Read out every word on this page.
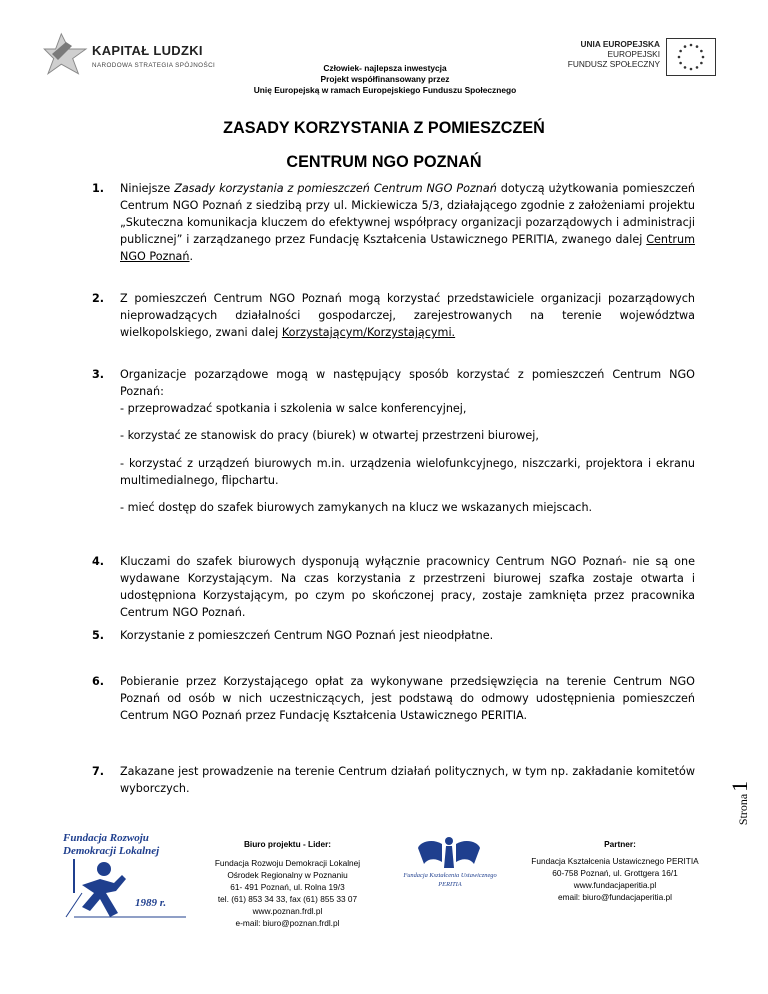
KAPITAŁ LUDZKI
NARODOWA STRATEGIA SPÓJNOŚCI	Człowiek- najlepsza inwestycja
Projekt współfinansowany przez
Unię Europejską w ramach Europejskiego Funduszu Społecznego
UNIA EUROPEJSKA
EUROPEJSKI
FUNDUSZ SPOŁECZNY
ZASADY KORZYSTANIA Z POMIESZCZEŃ
CENTRUM NGO POZNAŃ
1.	Niniejsze Zasady korzystania z pomieszczeń Centrum NGO Poznań dotyczą użytkowania pomieszczeń Centrum NGO Poznań z siedzibą przy ul. Mickiewicza 5/3, działającego zgodnie z założeniami projektu „Skuteczna komunikacja kluczem do efektywnej współpracy organizacji pozarządowych i administracji publicznej” i zarządzanego przez Fundację Kształcenia Ustawicznego PERITIA, zwanego dalej Centrum NGO Poznań.

2.	Z pomieszczeń Centrum NGO Poznań mogą korzystać przedstawiciele organizacji pozarządowych nieprowadzących działalności gospodarczej, zarejestrowanych na terenie województwa wielkopolskiego, zwani dalej Korzystającym/Korzystającymi.

3.	Organizacje pozarządowe mogą w następujący sposób korzystać z pomieszczeń Centrum NGO Poznań:
- przeprowadzać spotkania i szkolenia w salce konferencyjnej,
- korzystać ze stanowisk do pracy (biurek) w otwartej przestrzeni biurowej,
- korzystać z urządzeń biurowych m.in. urządzenia wielofunkcyjnego, niszczarki, projektora i ekranu multimedialnego, flipchartu.
- mieć dostęp do szafek biurowych zamykanych na klucz we wskazanych miejscach.
4.	Kluczami do szafek biurowych dysponują wyłącznie pracownicy Centrum NGO Poznań- nie są one wydawane Korzystającym. Na czas korzystania z przestrzeni biurowej szafka zostaje otwarta i udostępniona Korzystającym, po czym po skończonej pracy, zostaje zamknięta przez pracownika Centrum NGO Poznań.
5.	Korzystanie z pomieszczeń Centrum NGO Poznań jest nieodpłatne.
6.	Pobieranie przez Korzystającego opłat za wykonywane przedsięwzięcia na terenie Centrum NGO Poznań od osób w nich uczestniczących, jest podstawą do odmowy udostępnienia pomieszczeń Centrum NGO Poznań przez Fundację Kształcenia Ustawicznego PERITIA.
7.	Zakazane jest prowadzenie na terenie Centrum działań politycznych, w tym np. zakładanie komitetów wyborczych.
Strona1
Fundacja Rozwoju
Demokracji Lokalnej
1989 r.
Biuro projektu - Lider:
Fundacja Rozwoju Demokracji Lokalnej
Ośrodek Regionalny w Poznaniu
61- 491 Poznań, ul. Rolna 19/3
tel. (61) 853 34 33, fax (61) 855 33 07
www.poznan.frdl.pl
e-mail: biuro@poznan.frdl.pl
Fundacja Kształcenia Ustawicznego
PERITIA
Partner:
Fundacja Kształcenia Ustawicznego PERITIA
60-758 Poznań, ul. Grottgera 16/1
www.fundacjaperitia.pl
email: biuro@fundacjaperitia.pl
